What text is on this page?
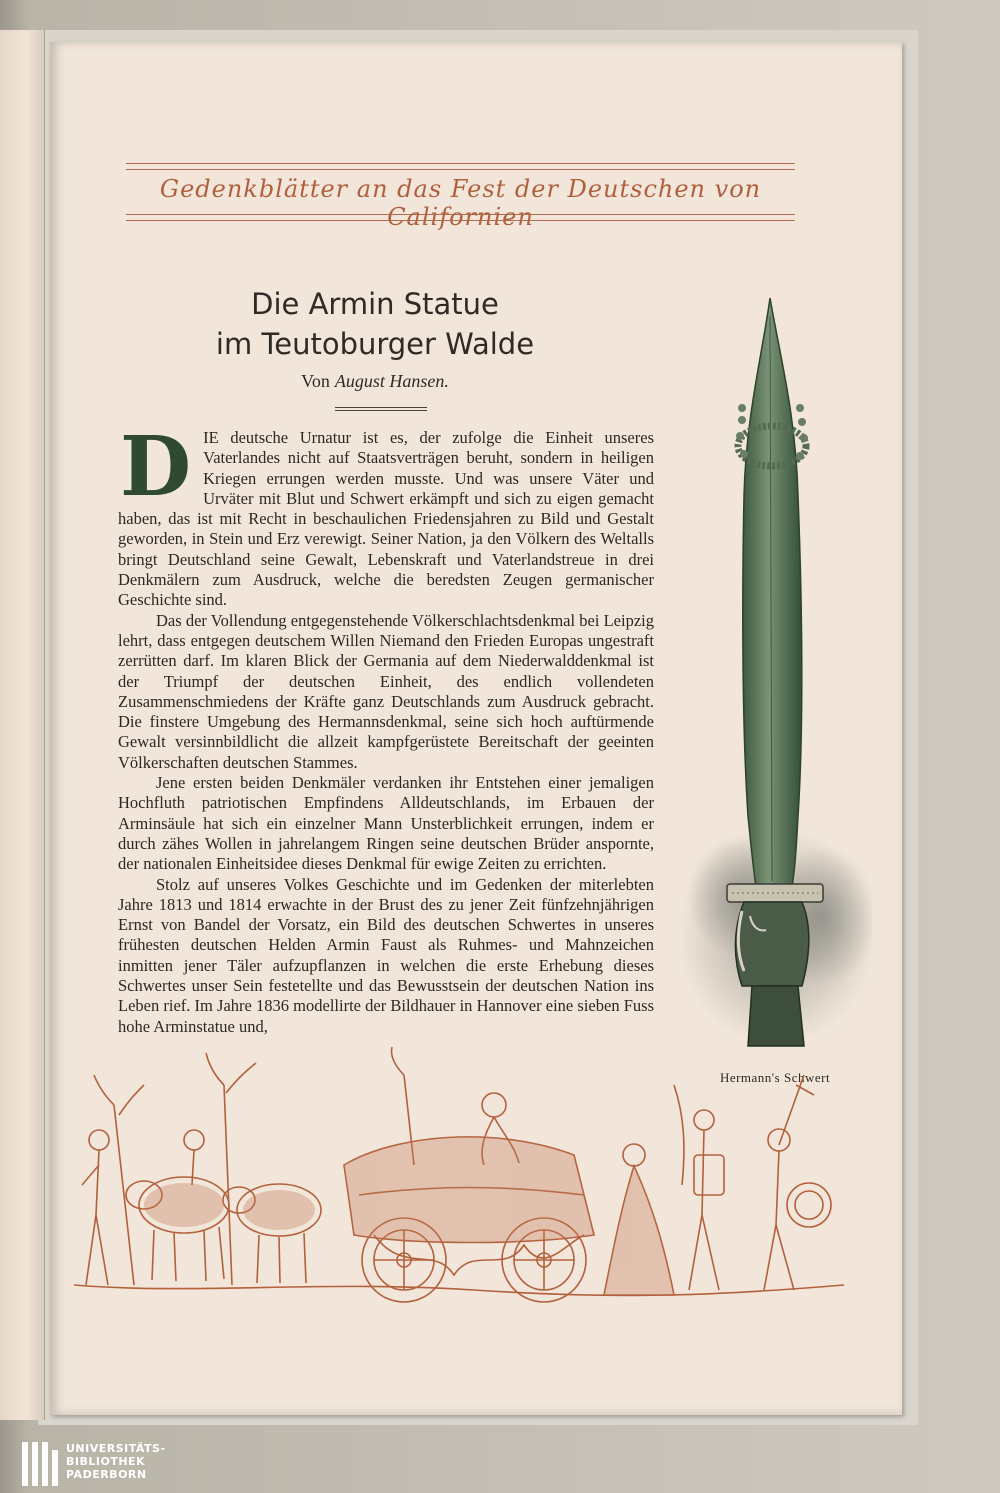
Gedenkblätter an das Fest der Deutschen von Californien
Die Armin Statue
im Teutoburger Walde
Von August Hansen.
D IE deutsche Urnatur ist es, der zufolge die Einheit unseres Vaterlandes nicht auf Staatsverträgen beruht, sondern in heiligen Kriegen errungen werden musste. Und was unsere Väter und Urväter mit Blut und Schwert erkämpft und sich zu eigen gemacht haben, das ist mit Recht in beschaulichen Friedensjahren zu Bild und Gestalt geworden, in Stein und Erz verewigt. Seiner Nation, ja den Völkern des Weltalls bringt Deutschland seine Gewalt, Lebenskraft und Vaterlandstreue in drei Denkmälern zum Ausdruck, welche die beredsten Zeugen germanischer Geschichte sind.

Das der Vollendung entgegenstehende Völkerschlachtsdenkmal bei Leipzig lehrt, dass entgegen deutschem Willen Niemand den Frieden Europas ungestraft zerrütten darf. Im klaren Blick der Germania auf dem Niederwalddenkmal ist der Triumpf der deutschen Einheit, des endlich vollendeten Zusammenschmiedens der Kräfte ganz Deutschlands zum Ausdruck gebracht. Die finstere Umgebung des Hermannsdenkmal, seine sich hoch auftürmende Gewalt versinnbildlicht die allzeit kampfgerüstete Bereitschaft der geeinten Völkerschaften deutschen Stammes.

Jene ersten beiden Denkmäler verdanken ihr Entstehen einer jemaligen Hochfluth patriotischen Empfindens Alldeutschlands, im Erbauen der Arminsäule hat sich ein einzelner Mann Unsterblichkeit errungen, indem er durch zähes Wollen in jahrelangem Ringen seine deutschen Brüder anspornte, der nationalen Einheitsidee dieses Denkmal für ewige Zeiten zu errichten.

Stolz auf unseres Volkes Geschichte und im Gedenken der miterlebten Jahre 1813 und 1814 erwachte in der Brust des zu jener Zeit fünfzehnjährigen Ernst von Bandel der Vorsatz, ein Bild des deutschen Schwertes in unseres frühesten deutschen Helden Armin Faust als Ruhmes- und Mahnzeichen inmitten jener Täler aufzupflanzen in welchen die erste Erhebung dieses Schwertes unser Sein festetellte und das Bewusstsein der deutschen Nation ins Leben rief. Im Jahre 1836 modellirte der Bildhauer in Hannover eine sieben Fuss hohe Arminstatue und,

Hermann's Schwert
UNIVERSITÄTS-
BIBLIOTHEK
PADERBORN
